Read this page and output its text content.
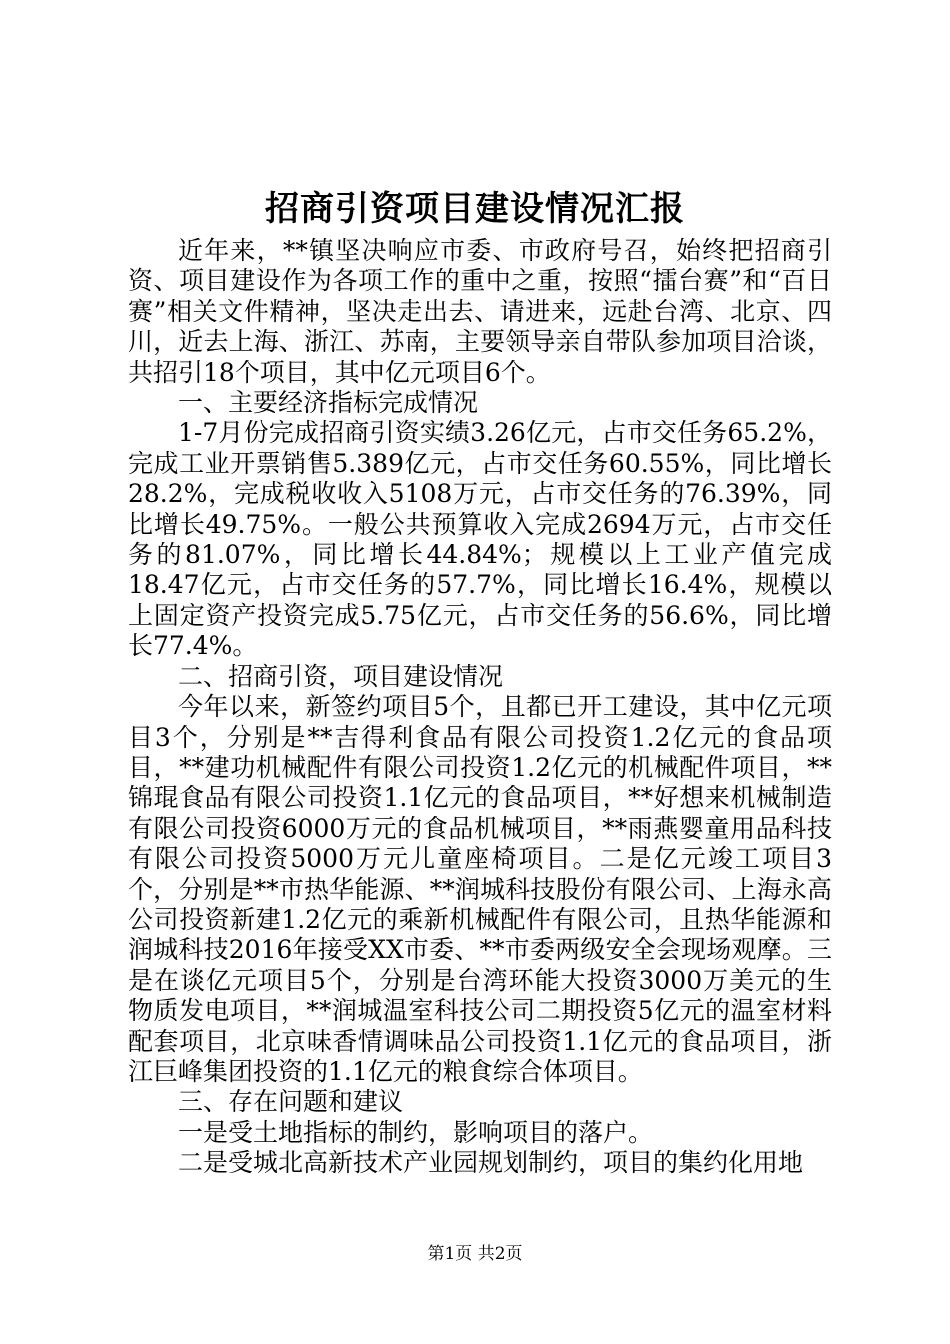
招商引资项目建设情况汇报

近年来，**镇坚决响应市委、市政府号召，始终把招商引资、项目建设作为各项工作的重中之重，按照“擂台赛”和“百日赛”相关文件精神，坚决走出去、请进来，远赴台湾、北京、四川，近去上海、浙江、苏南，主要领导亲自带队参加项目洽谈，共招引18个项目，其中亿元项目6个。

一、主要经济指标完成情况

1-7月份完成招商引资实绩3.26亿元，占市交任务65.2%，完成工业开票销售5.389亿元，占市交任务60.55%，同比增长28.2%，完成税收收入5108万元，占市交任务的76.39%，同比增长49.75%。一般公共预算收入完成2694万元，占市交任务的81.07%，同比增长44.84%；规模以上工业产值完成18.47亿元，占市交任务的57.7%，同比增长16.4%，规模以上固定资产投资完成5.75亿元，占市交任务的56.6%，同比增长77.4%。

二、招商引资，项目建设情况

今年以来，新签约项目5个，且都已开工建设，其中亿元项目3个，分别是**吉得利食品有限公司投资1.2亿元的食品项目，**建功机械配件有限公司投资1.2亿元的机械配件项目，**锦琨食品有限公司投资1.1亿元的食品项目，**好想来机械制造有限公司投资6000万元的食品机械项目，**雨燕婴童用品科技有限公司投资5000万元儿童座椅项目。二是亿元竣工项目3个，分别是**市热华能源、**润城科技股份有限公司、上海永高公司投资新建1.2亿元的乘新机械配件有限公司，且热华能源和润城科技2016年接受XX市委、**市委两级安全会现场观摩。三是在谈亿元项目5个，分别是台湾环能大投资3000万美元的生物质发电项目，**润城温室科技公司二期投资5亿元的温室材料配套项目，北京味香情调味品公司投资1.1亿元的食品项目，浙江巨峰集团投资的1.1亿元的粮食综合体项目。

三、存在问题和建议

一是受土地指标的制约，影响项目的落户。

二是受城北高新技术产业园规划制约，项目的集约化用地

第1页 共2页
